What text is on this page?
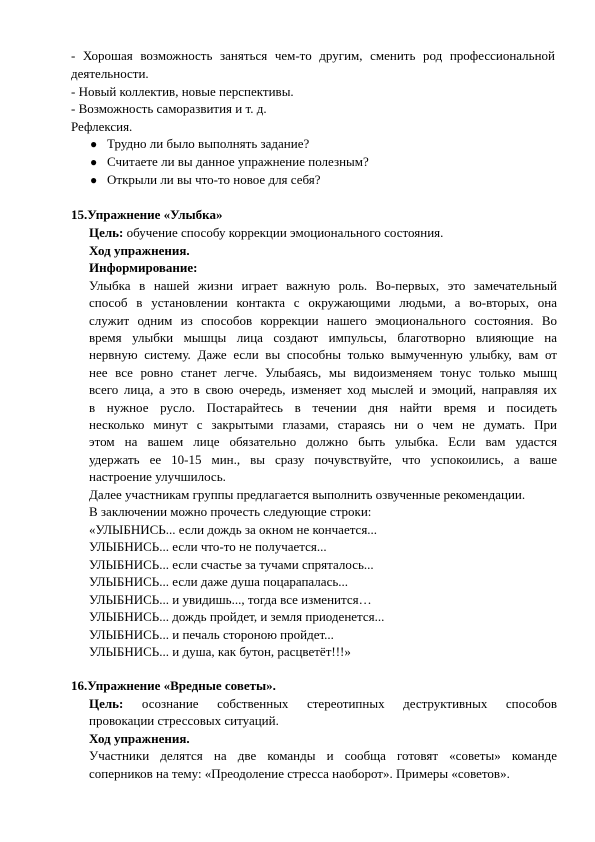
- Хорошая возможность заняться чем-то другим, сменить род профессиональной
деятельности.
- Новый коллектив, новые перспективы.
- Возможность саморазвития и т. д.
Рефлексия.
● Трудно ли было выполнять задание?
● Считаете ли вы данное упражнение полезным?
● Открыли ли вы что-то новое для себя?
15.Упражнение «Улыбка»
Цель: обучение способу коррекции эмоционального состояния.
Ход упражнения.
Информирование:
Улыбка в нашей жизни играет важную роль. Во-первых, это замечательный
способ в установлении контакта с окружающими людьми, а во-вторых, она
служит одним из способов коррекции нашего эмоционального состояния. Во
время улыбки мышцы лица создают импульсы, благотворно влияющие на
нервную систему. Даже если вы способны только вымученную улыбку, вам от
нее все ровно станет легче. Улыбаясь, мы видоизменяем тонус только мышц
всего лица, а это в свою очередь, изменяет ход мыслей и эмоций, направляя их
в нужное русло. Постарайтесь в течении дня найти время и посидеть
несколько минут с закрытыми глазами, стараясь ни о чем не думать. При
этом на вашем лице обязательно должно быть улыбка. Если вам удастся
удержать ее 10-15 мин., вы сразу почувствуйте, что успокоились, а ваше
настроение улучшилось.
Далее участникам группы предлагается выполнить озвученные рекомендации.
В заключении можно прочесть следующие строки:
«УЛЫБНИСЬ... если дождь за окном не кончается...
УЛЫБНИСЬ... если что-то не получается...
УЛЫБНИСЬ... если счастье за тучами спряталось...
УЛЫБНИСЬ... если даже душа поцарапалась...
УЛЫБНИСЬ... и увидишь..., тогда все изменится…
УЛЫБНИСЬ... дождь пройдет, и земля приоденется...
УЛЫБНИСЬ... и печаль стороною пройдет...
УЛЫБНИСЬ... и душа, как бутон, расцветёт!!!»
16.Упражнение «Вредные советы».
Цель: осознание собственных стереотипных деструктивных способов
провокации стрессовых ситуаций.
Ход упражнения.
Участники делятся на две команды и сообща готовят «советы» команде
соперников на тему: «Преодоление стресса наоборот». Примеры «советов».
